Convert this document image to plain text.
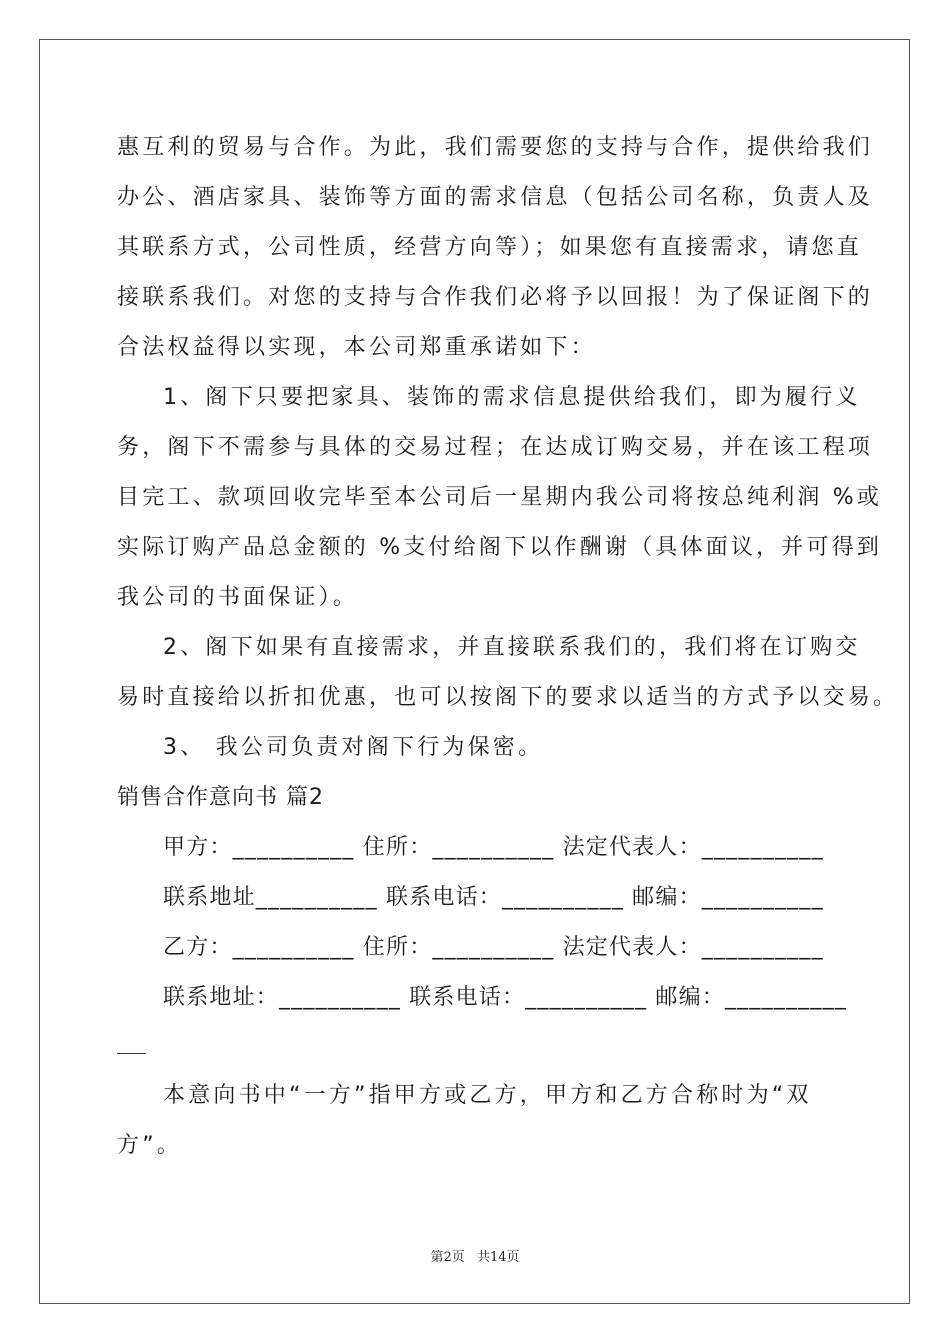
惠互利的贸易与合作。为此，我们需要您的支持与合作，提供给我们
办公、酒店家具、装饰等方面的需求信息（包括公司名称，负责人及
其联系方式，公司性质，经营方向等）；如果您有直接需求，请您直
接联系我们。对您的支持与合作我们必将予以回报！为了保证阁下的
合法权益得以实现，本公司郑重承诺如下：
1、阁下只要把家具、装饰的需求信息提供给我们，即为履行义
务，阁下不需参与具体的交易过程；在达成订购交易，并在该工程项
目完工、款项回收完毕至本公司后一星期内我公司将按总纯利润 %或
实际订购产品总金额的 %支付给阁下以作酬谢（具体面议，并可得到
我公司的书面保证）。
2、阁下如果有直接需求，并直接联系我们的，我们将在订购交
易时直接给以折扣优惠，也可以按阁下的要求以适当的方式予以交易。
3、 我公司负责对阁下行为保密。
销售合作意向书 篇2
甲方：__________ 住所：__________ 法定代表人：__________
联系地址__________ 联系电话：__________ 邮编：__________
乙方：__________ 住所：__________ 法定代表人：__________
联系地址：__________ 联系电话：__________ 邮编：__________
本意向书中“一方”指甲方或乙方，甲方和乙方合称时为“双
方”。
第2页 共14页
